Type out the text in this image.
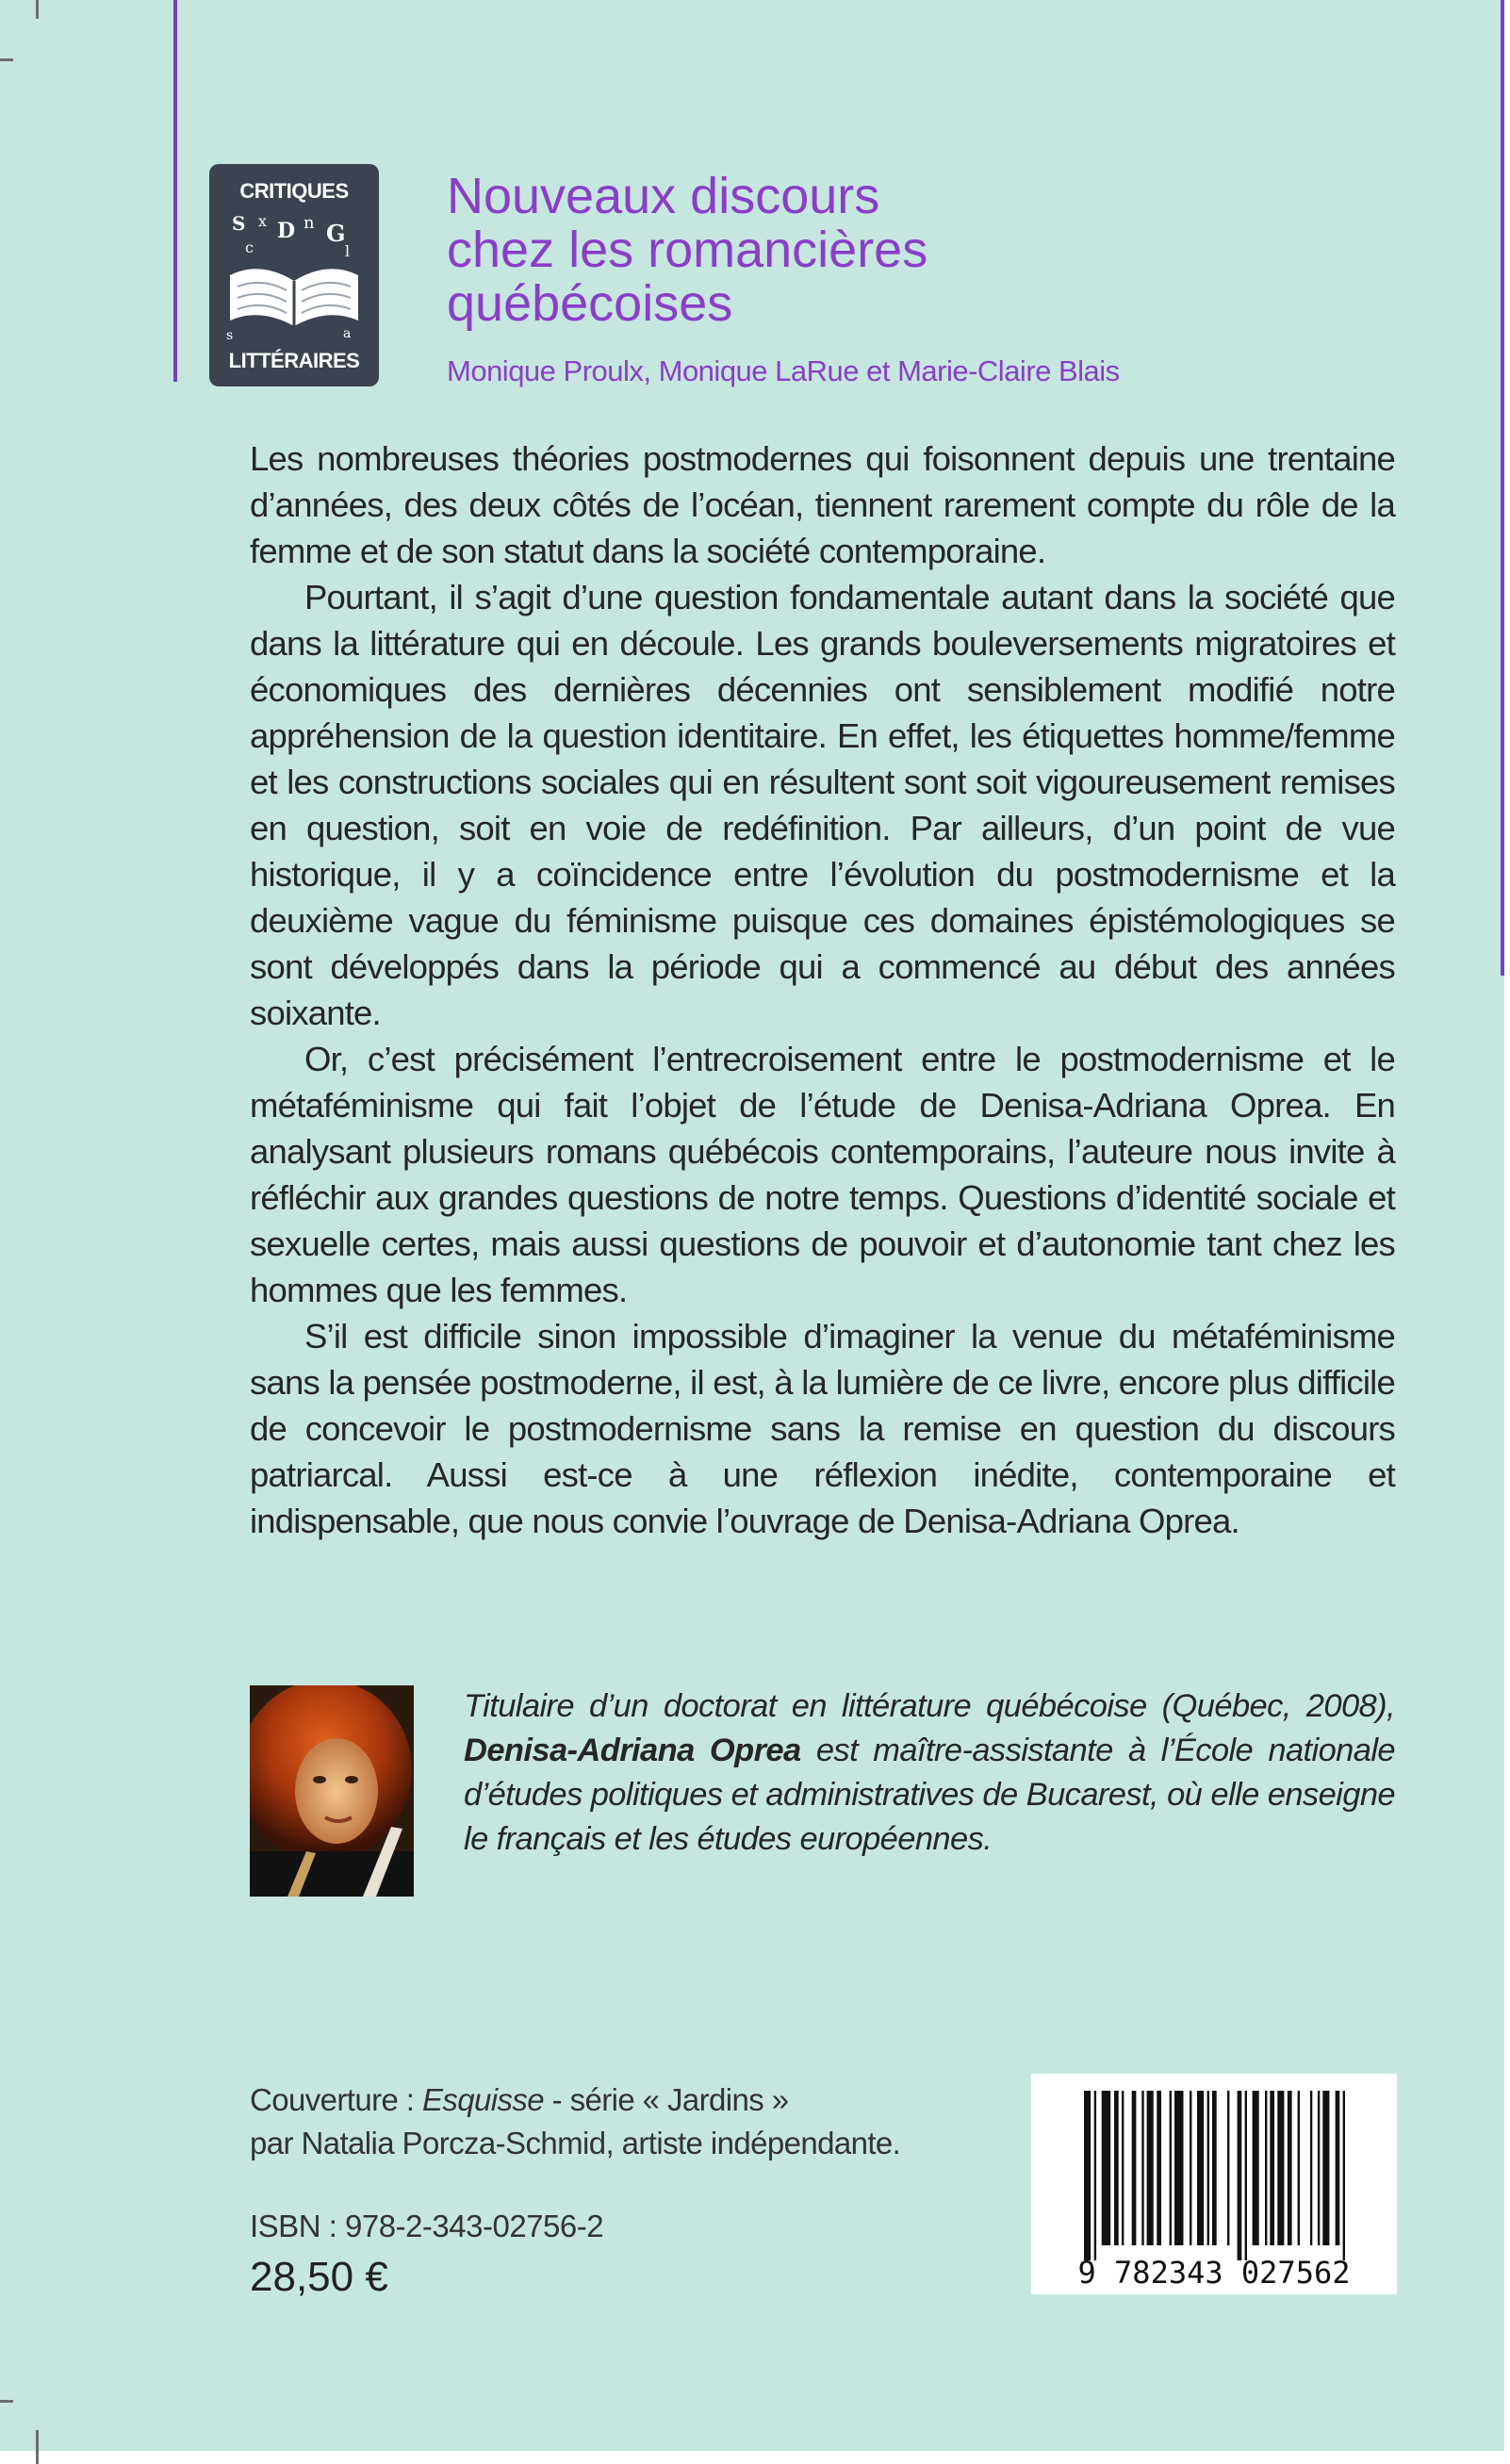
CRITIQUES
S x D n G
c	l
s	a
LITTÉRAIRES
Nouveaux discours
chez les romancières
québécoises
Monique Proulx, Monique LaRue et Marie-Claire Blais

Les nombreuses théories postmodernes qui foisonnent depuis une trentaine d’années, des deux côtés de l’océan, tiennent rarement compte du rôle de la femme et de son statut dans la société contemporaine.

Pourtant, il s’agit d’une question fondamentale autant dans la société que dans la littérature qui en découle. Les grands bouleversements migratoires et économiques des dernières décennies ont sensiblement modifié notre appréhension de la question identitaire. En effet, les étiquettes homme/femme et les constructions sociales qui en résultent sont soit vigoureusement remises en question, soit en voie de redéfinition. Par ailleurs, d’un point de vue historique, il y a coïncidence entre l’évolution du postmodernisme et la deuxième vague du féminisme puisque ces domaines épistémologiques se sont développés dans la période qui a commencé au début des années soixante.

Or, c’est précisément l’entrecroisement entre le postmodernisme et le métaféminisme qui fait l’objet de l’étude de Denisa-Adriana Oprea. En analysant plusieurs romans québécois contemporains, l’auteure nous invite à réfléchir aux grandes questions de notre temps. Questions d’identité sociale et sexuelle certes, mais aussi questions de pouvoir et d’autonomie tant chez les hommes que les femmes.

S’il est difficile sinon impossible d’imaginer la venue du métaféminisme sans la pensée postmoderne, il est, à la lumière de ce livre, encore plus difficile de concevoir le postmodernisme sans la remise en question du discours patriarcal. Aussi est-ce à une réflexion inédite, contemporaine et indispensable, que nous convie l’ouvrage de Denisa-Adriana Oprea.

Titulaire d’un doctorat en littérature québécoise (Québec, 2008), Denisa-Adriana Oprea est maître-assistante à l’École nationale d’études politiques et administratives de Bucarest, où elle enseigne le français et les études européennes.
Couverture : Esquisse - série « Jardins »
par Natalia Porcza-Schmid, artiste indépendante.
ISBN : 978-2-343-02756-2
28,50 €	9 782343 027562
